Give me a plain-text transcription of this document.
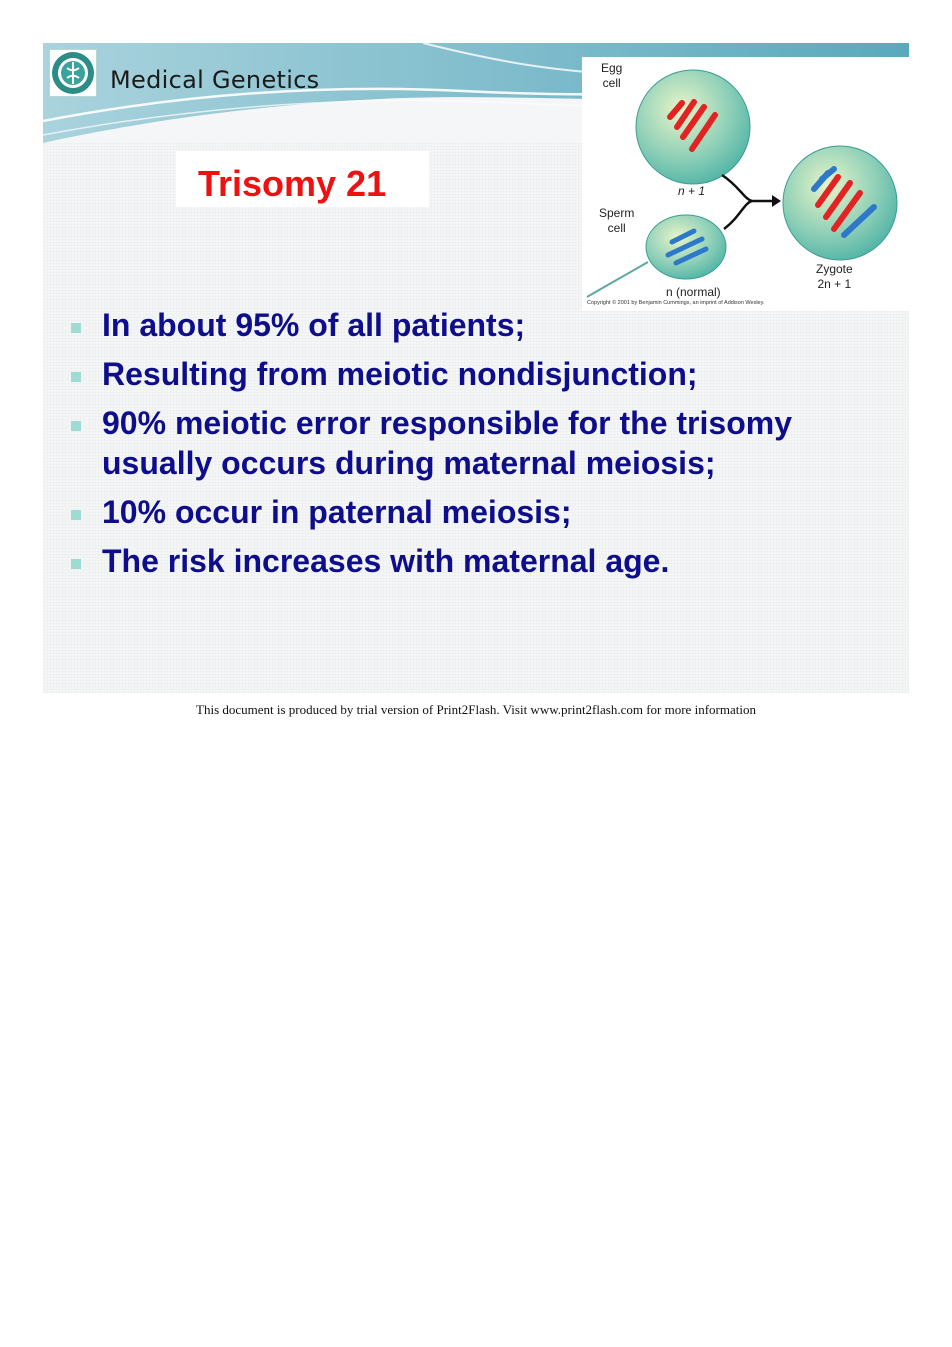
Medical Genetics
Trisomy 21
Egg
cell
n + 1
Sperm
cell
n (normal)
Zygote
2n + 1
Copyright © 2001 by Benjamin Cummings, an imprint of Addison Wesley.
In about 95% of all patients;
Resulting from meiotic nondisjunction;
90% meiotic error responsible for the trisomy usually occurs during maternal meiosis;
10% occur in paternal meiosis;
The risk increases with maternal age.
This document is produced by trial version of Print2Flash. Visit www.print2flash.com for more information
